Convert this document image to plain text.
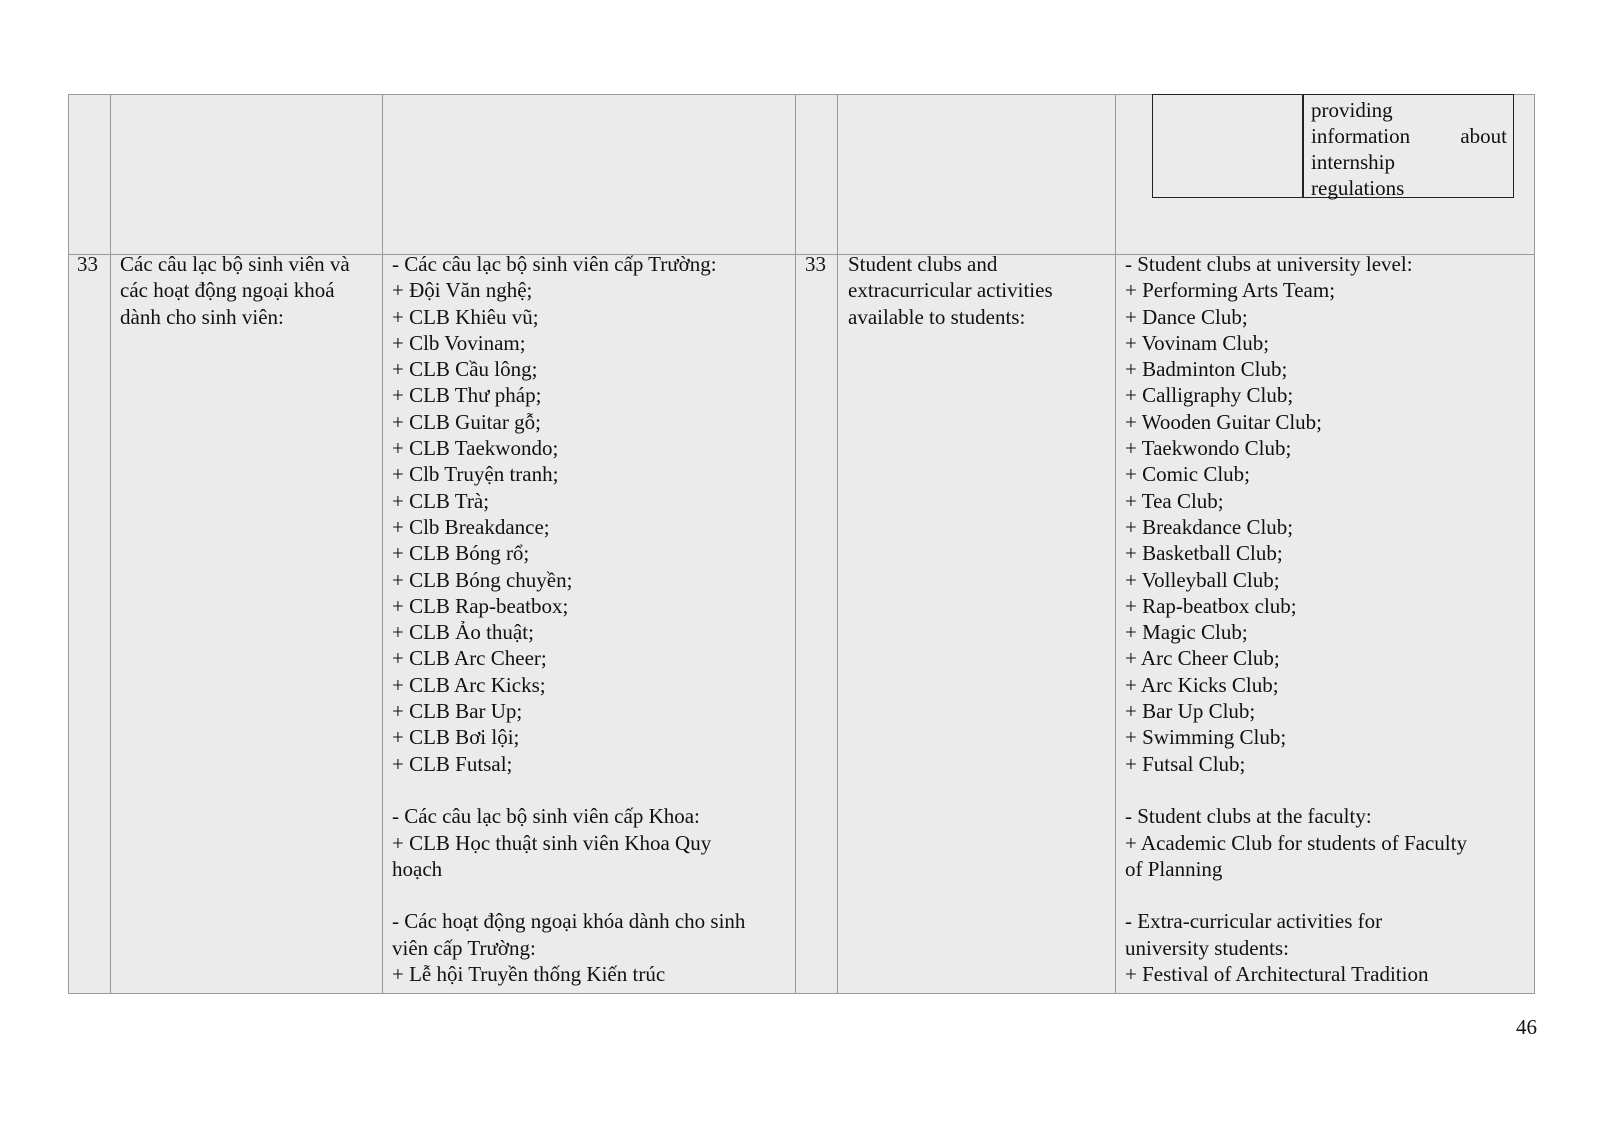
providing
information about
internship
regulations
33 Các câu lạc bộ sinh viên và các hoạt động ngoại khoá dành cho sinh viên:
- Các câu lạc bộ sinh viên cấp Trường:
+ Đội Văn nghệ;
+ CLB Khiêu vũ;
+ Clb Vovinam;
+ CLB Cầu lông;
+ CLB Thư pháp;
+ CLB Guitar gỗ;
+ CLB Taekwondo;
+ Clb Truyện tranh;
+ CLB Trà;
+ Clb Breakdance;
+ CLB Bóng rổ;
+ CLB Bóng chuyền;
+ CLB Rap-beatbox;
+ CLB Ảo thuật;
+ CLB Arc Cheer;
+ CLB Arc Kicks;
+ CLB Bar Up;
+ CLB Bơi lội;
+ CLB Futsal;
- Các câu lạc bộ sinh viên cấp Khoa:
+ CLB Học thuật sinh viên Khoa Quy
hoạch
- Các hoạt động ngoại khóa dành cho sinh
viên cấp Trường:
+ Lễ hội Truyền thống Kiến trúc
33 Student clubs and extracurricular activities available to students:
- Student clubs at university level:
+ Performing Arts Team;
+ Dance Club;
+ Vovinam Club;
+ Badminton Club;
+ Calligraphy Club;
+ Wooden Guitar Club;
+ Taekwondo Club;
+ Comic Club;
+ Tea Club;
+ Breakdance Club;
+ Basketball Club;
+ Volleyball Club;
+ Rap-beatbox club;
+ Magic Club;
+ Arc Cheer Club;
+ Arc Kicks Club;
+ Bar Up Club;
+ Swimming Club;
+ Futsal Club;
- Student clubs at the faculty:
+ Academic Club for students of Faculty
of Planning
- Extra-curricular activities for
university students:
+ Festival of Architectural Tradition
46
